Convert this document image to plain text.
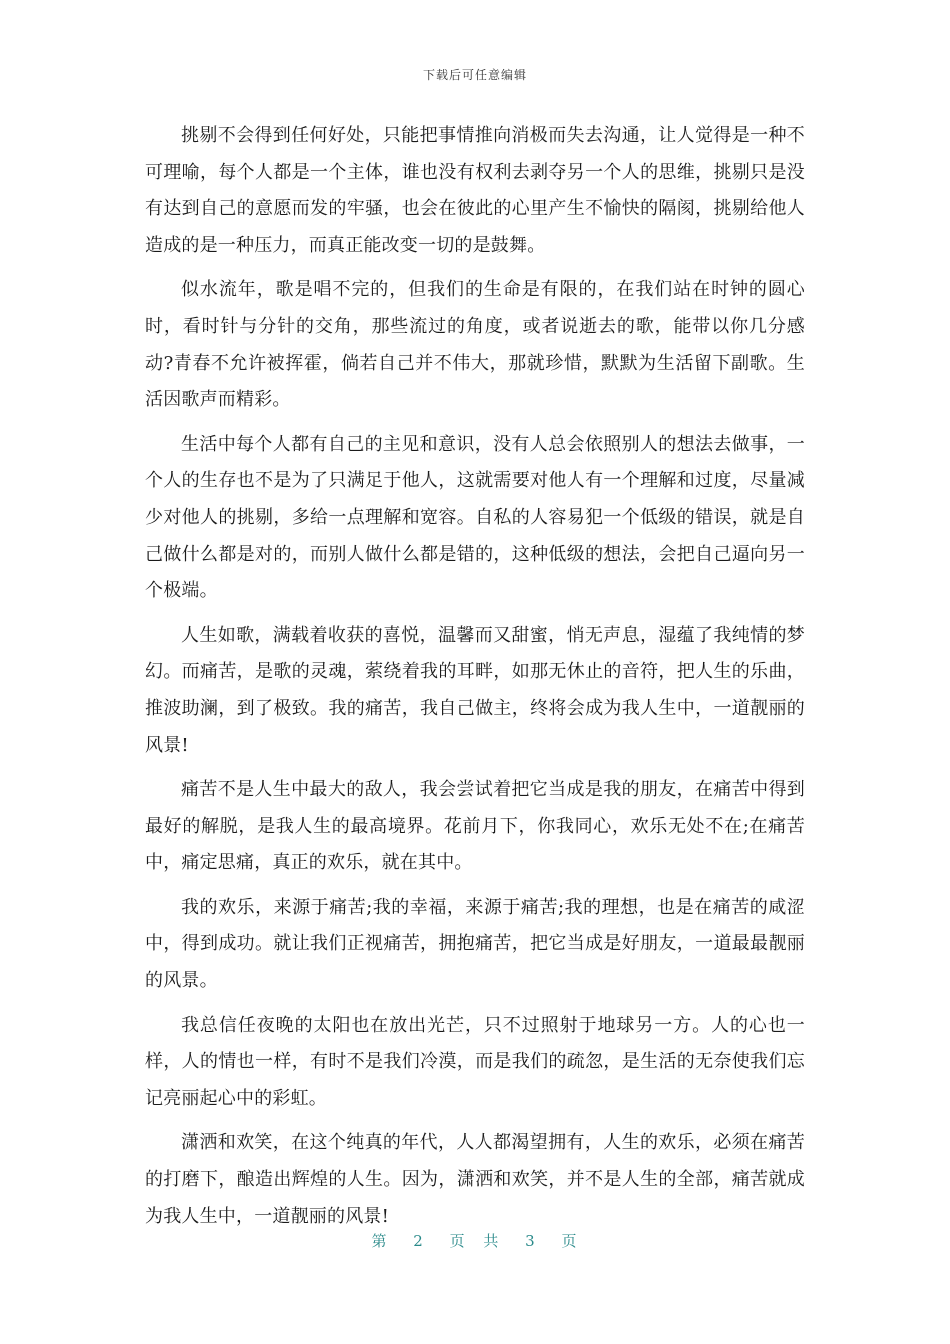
下载后可任意编辑

挑剔不会得到任何好处，只能把事情推向消极而失去沟通，让人觉得是一种不可理喻，每个人都是一个主体，谁也没有权利去剥夺另一个人的思维，挑剔只是没有达到自己的意愿而发的牢骚，也会在彼此的心里产生不愉快的隔阂，挑剔给他人造成的是一种压力，而真正能改变一切的是鼓舞。

似水流年，歌是唱不完的，但我们的生命是有限的，在我们站在时钟的圆心时，看时针与分针的交角，那些流过的角度，或者说逝去的歌，能带以你几分感动?青春不允许被挥霍，倘若自己并不伟大，那就珍惜，默默为生活留下副歌。生活因歌声而精彩。

生活中每个人都有自己的主见和意识，没有人总会依照别人的想法去做事，一个人的生存也不是为了只满足于他人，这就需要对他人有一个理解和过度，尽量减少对他人的挑剔，多给一点理解和宽容。自私的人容易犯一个低级的错误，就是自己做什么都是对的，而别人做什么都是错的，这种低级的想法，会把自己逼向另一个极端。

人生如歌，满载着收获的喜悦，温馨而又甜蜜，悄无声息，湿蕴了我纯情的梦幻。而痛苦，是歌的灵魂，萦绕着我的耳畔，如那无休止的音符，把人生的乐曲，推波助澜，到了极致。我的痛苦，我自己做主，终将会成为我人生中，一道靓丽的风景!

痛苦不是人生中最大的敌人，我会尝试着把它当成是我的朋友，在痛苦中得到最好的解脱，是我人生的最高境界。花前月下，你我同心，欢乐无处不在;在痛苦中，痛定思痛，真正的欢乐，就在其中。

我的欢乐，来源于痛苦;我的幸福，来源于痛苦;我的理想，也是在痛苦的咸涩中，得到成功。就让我们正视痛苦，拥抱痛苦，把它当成是好朋友，一道最最靓丽的风景。

我总信任夜晚的太阳也在放出光芒，只不过照射于地球另一方。人的心也一样，人的情也一样，有时不是我们冷漠，而是我们的疏忽，是生活的无奈使我们忘记亮丽起心中的彩虹。

潇洒和欢笑，在这个纯真的年代，人人都渴望拥有，人生的欢乐，必须在痛苦的打磨下，酿造出辉煌的人生。因为，潇洒和欢笑，并不是人生的全部，痛苦就成为我人生中，一道靓丽的风景!

第 2 页 共 3 页
